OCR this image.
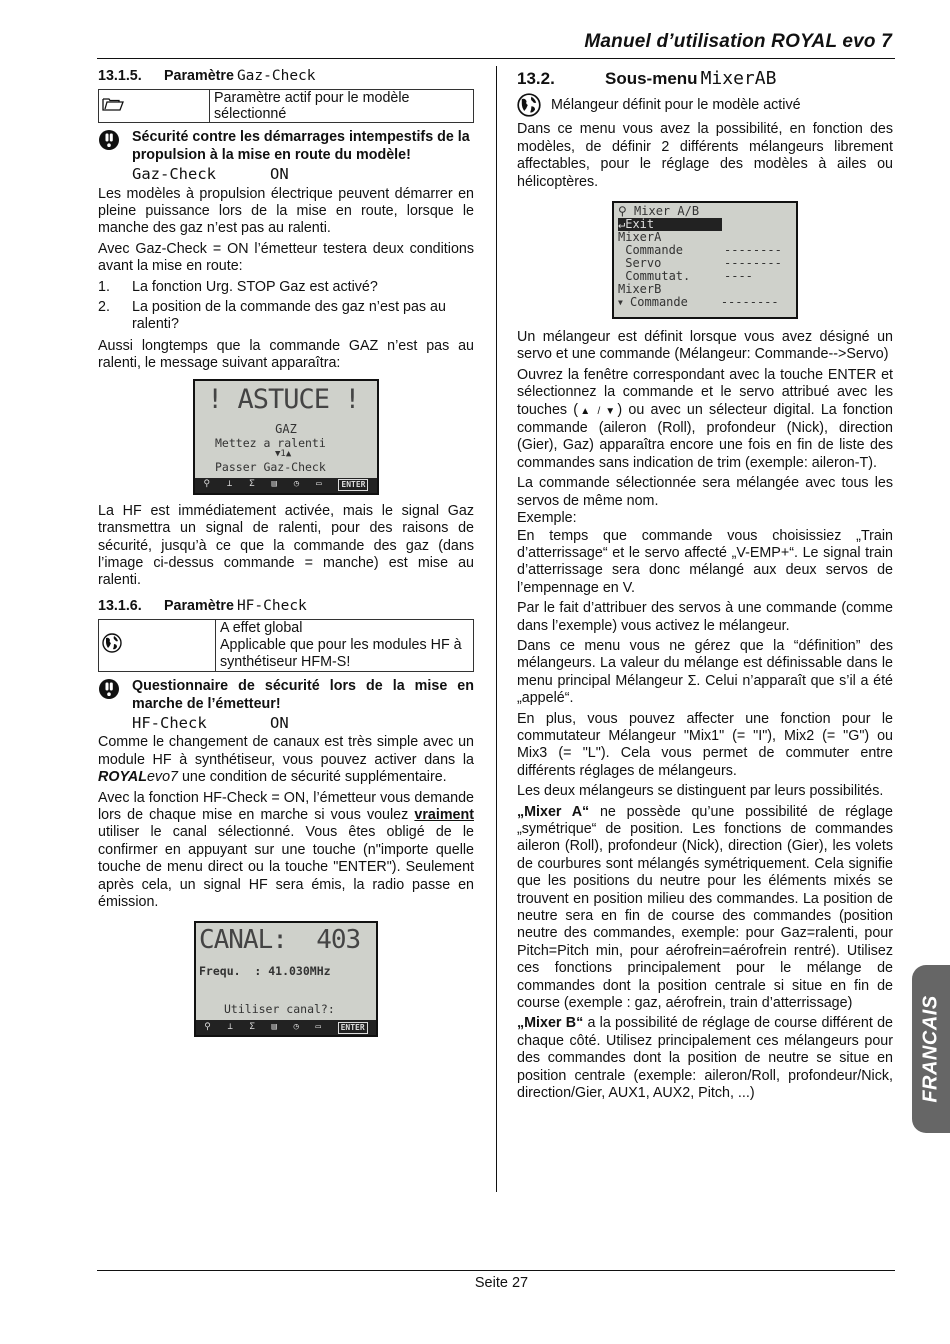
Manuel d’utilisation ROYAL evo 7
13.1.5.	Paramètre Gaz-Check
	Paramètre actif pour le modèle sélectionné
Sécurité contre les démarrages intempestifs de la propulsion à la mise en route du modèle!
Gaz-Check	ON

Les modèles à propulsion électrique peuvent démarrer en pleine puissance lors de la mise en route, lorsque le manche des gaz n’est pas au ralenti.

Avec Gaz-Check = ON l’émetteur testera deux conditions avant la mise en route:

1.	La fonction Urg. STOP Gaz est activé?
2.	La position de la commande des gaz n’est pas au ralenti?

Aussi longtemps que la commande GAZ n’est pas au ralenti, le message suivant apparaîtra:

! ASTUCE !
GAZ
Mettez a ralenti
▼1▲
Passer Gaz-Check
⚲ ⊥ Σ ▤ ◷ ▭	ENTER

La HF est immédiatement activée, mais le signal Gaz transmettra un signal de ralenti, pour des raisons de sécurité, jusqu’à ce que la commande des gaz (dans l’image ci-dessus commande = manche) est mise au ralenti.

13.1.6.	Paramètre HF-Check

A effet global
Applicable que pour les modules HF à synthétiseur HFM-S!
Questionnaire de sécurité lors de la mise en marche de l’émetteur!
HF-Check	ON

Comme le changement de canaux est très simple avec un module HF à synthétiseur, vous pouvez activer dans la ROYALevo7 une condition de sécurité supplémentaire.

Avec la fonction HF-Check = ON, l’émetteur vous demande lors de chaque mise en marche si vous voulez vraiment utiliser le canal sélectionné. Vous êtes obligé de le confirmer en appuyant sur une touche (n"importe quelle touche de menu direct ou la touche "ENTER"). Seulement après cela, un signal HF sera émis, la radio passe en émission.

CANAL:  403
Frequ.  : 41.030MHz
Utiliser canal?:
⚲ ⊥ Σ ▤ ◷ ▭	ENTER
13.2.	Sous-menu MixerAB
Mélangeur définit pour le modèle activé

Dans ce menu vous avez la possibilité, en fonction des modèles, de définir 2 différents mélangeurs librement affectables, pour le réglage des modèles à ailes ou hélicoptères.

⚲ Mixer A/B
↵Exit
MixerA
Commande	--------
Servo	--------
Commutat.	----
MixerB
▼ Commande	--------

Un mélangeur est définit lorsque vous avez désigné un servo et une commande (Mélangeur: Commande-->Servo)

Ouvrez la fenêtre correspondant avec la touche ENTER et sélectionnez la commande et le servo attribué avec les touches (▲ / ▼) ou avec un sélecteur digital. La fonction commande (aileron (Roll), profondeur (Nick), direction (Gier), Gaz) apparaîtra encore une fois en fin de liste des commandes sans indication de trim (exemple: aileron-T).

La commande sélectionnée sera mélangée avec tous les servos de même nom.

Exemple:

En temps que commande vous choisissiez „Train d’atterrissage“ et le servo affecté „V-EMP+“. Le signal train d’atterrissage sera donc mélangé aux deux servos de l’empennage en V.

Par le fait d’attribuer des servos à une commande (comme dans l’exemple) vous activez le mélangeur.

Dans ce menu vous ne gérez que la “définition” des mélangeurs. La valeur du mélange est définissable dans le menu principal Mélangeur Σ. Celui n’apparaît que s’il a été „appelé“.

En plus, vous pouvez affecter une fonction pour le commutateur Mélangeur "Mix1" (= "I"), Mix2 (= "G") ou Mix3 (= "L"). Cela vous permet de commuter entre différents réglages de mélangeurs.

Les deux mélangeurs se distinguent par leurs possibilités.

„Mixer A“ ne possède qu’une possibilité de réglage „symétrique“ de position. Les fonctions de commandes aileron (Roll), profondeur (Nick), direction (Gier), les volets de courbures sont mélangés symétriquement. Cela signifie que les positions du neutre pour les éléments mixés se trouvent en position milieu des commandes. La position de neutre sera en fin de course des commandes (position neutre des commandes, exemple: pour Gaz=ralenti, pour Pitch=Pitch min, pour aérofrein=aérofrein rentré). Utilisez ces fonctions principalement pour le mélange de commandes dont la position centrale si situe en fin de course (exemple : gaz, aérofrein, train d’atterrissage)

„Mixer B“ a la possibilité de réglage de course différent de chaque côté. Utilisez principalement ces mélangeurs pour des commandes dont la position de neutre se situe en position centrale (exemple: aileron/Roll, profondeur/Nick, direction/Gier, AUX1, AUX2, Pitch, ...)	FRANCAIS
Seite 27
